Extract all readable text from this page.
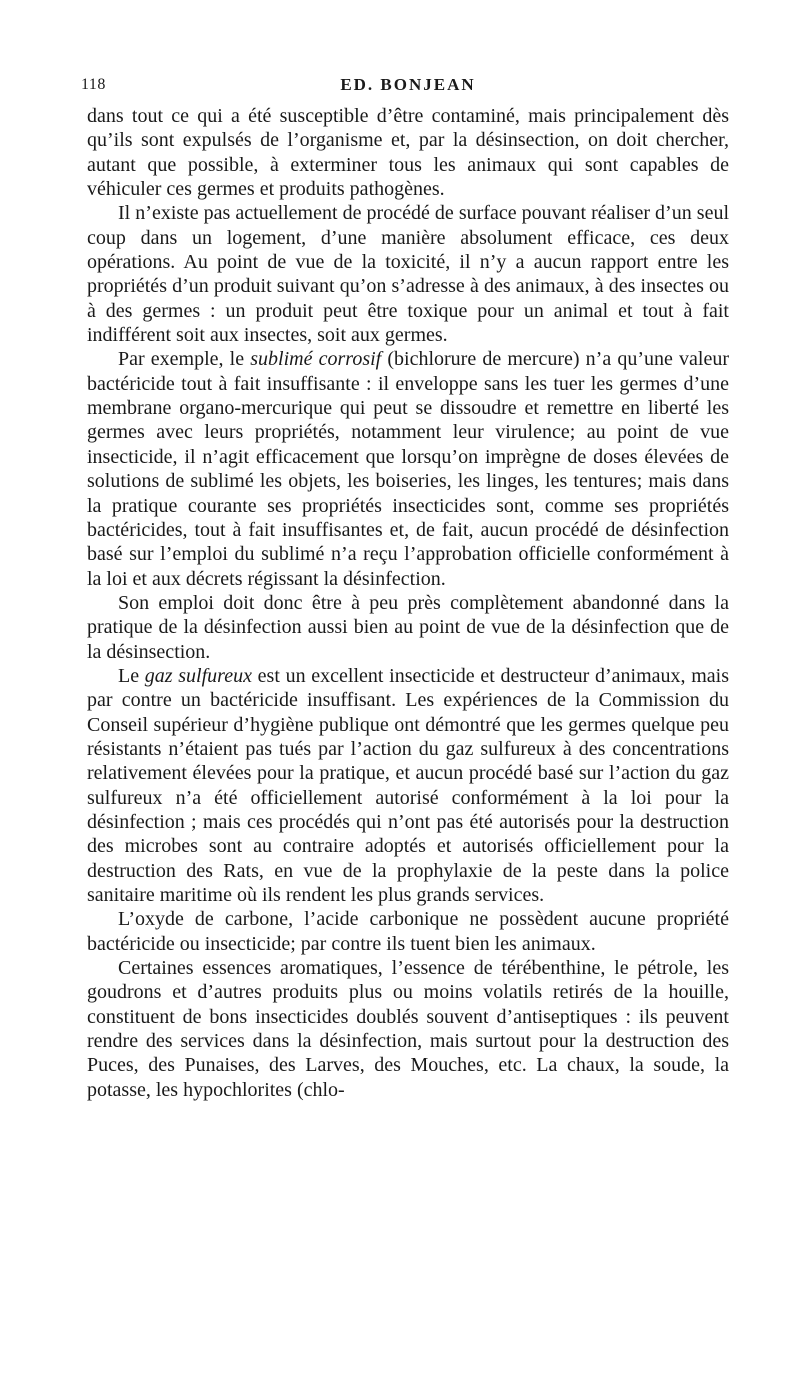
118	ED. BONJEAN

dans tout ce qui a été susceptible d’être contaminé, mais principalement dès qu’ils sont expulsés de l’organisme et, par la désinsection, on doit chercher, autant que possible, à exterminer tous les animaux qui sont capables de véhiculer ces germes et produits pathogènes.

Il n’existe pas actuellement de procédé de surface pouvant réaliser d’un seul coup dans un logement, d’une manière absolument efficace, ces deux opérations. Au point de vue de la toxicité, il n’y a aucun rapport entre les propriétés d’un produit suivant qu’on s’adresse à des animaux, à des insectes ou à des germes : un produit peut être toxique pour un animal et tout à fait indifférent soit aux insectes, soit aux germes.

Par exemple, le sublimé corrosif (bichlorure de mercure) n’a qu’une valeur bactéricide tout à fait insuffisante : il enveloppe sans les tuer les germes d’une membrane organo-mercurique qui peut se dissoudre et remettre en liberté les germes avec leurs propriétés, notamment leur virulence; au point de vue insecticide, il n’agit efficacement que lorsqu’on imprègne de doses élevées de solutions de sublimé les objets, les boiseries, les linges, les tentures; mais dans la pratique courante ses propriétés insecticides sont, comme ses propriétés bactéricides, tout à fait insuffisantes et, de fait, aucun procédé de désinfection basé sur l’emploi du sublimé n’a reçu l’approbation officielle conformément à la loi et aux décrets régissant la désinfection.

Son emploi doit donc être à peu près complètement abandonné dans la pratique de la désinfection aussi bien au point de vue de la désinfection que de la désinsection.

Le gaz sulfureux est un excellent insecticide et destructeur d’animaux, mais par contre un bactéricide insuffisant. Les expériences de la Commission du Conseil supérieur d’hygiène publique ont démontré que les germes quelque peu résistants n’étaient pas tués par l’action du gaz sulfureux à des concentrations relativement élevées pour la pratique, et aucun procédé basé sur l’action du gaz sulfureux n’a été officiellement autorisé conformément à la loi pour la désinfection ; mais ces procédés qui n’ont pas été autorisés pour la destruction des microbes sont au contraire adoptés et autorisés officiellement pour la destruction des Rats, en vue de la prophylaxie de la peste dans la police sanitaire maritime où ils rendent les plus grands services.

L’oxyde de carbone, l’acide carbonique ne possèdent aucune propriété bactéricide ou insecticide; par contre ils tuent bien les animaux.

Certaines essences aromatiques, l’essence de térébenthine, le pétrole, les goudrons et d’autres produits plus ou moins volatils retirés de la houille, constituent de bons insecticides doublés souvent d’antiseptiques : ils peuvent rendre des services dans la désinfection, mais surtout pour la destruction des Puces, des Punaises, des Larves, des Mouches, etc. La chaux, la soude, la potasse, les hypochlorites (chlo-
